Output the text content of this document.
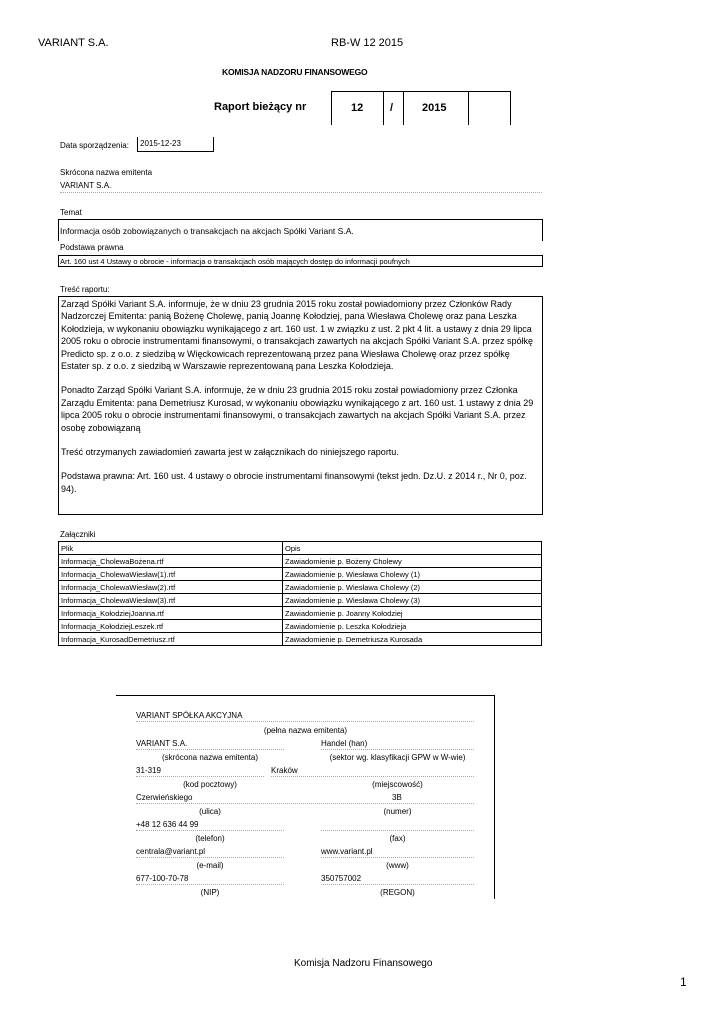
VARIANT S.A.	RB-W 12 2015
KOMISJA NADZORU FINANSOWEGO
Raport bieżący nr	12 /	2015
Data sporządzenia:	2015-12-23
Skrócona nazwa emitenta
VARIANT S.A.
Temat
Informacja osób zobowiązanych o transakcjach na akcjach Spółki Variant S.A.
Podstawa prawna
Art. 160 ust 4 Ustawy o obrocie - informacja o transakcjach osób mających dostęp do informacji poufnych
Treść raportu:

Zarząd Spółki Variant S.A. informuje, że w dniu 23 grudnia 2015 roku został powiadomiony przez Członków Rady Nadzorczej Emitenta: panią Bożenę Cholewę, panią Joannę Kołodziej, pana Wiesława Cholewę oraz pana Leszka Kołodzieja, w wykonaniu obowiązku wynikającego z art. 160 ust. 1 w związku z ust. 2 pkt 4 lit. a ustawy z dnia 29 lipca 2005 roku o obrocie instrumentami finansowymi, o transakcjach zawartych na akcjach Spółki Variant S.A. przez spółkę Predicto sp. z o.o. z siedzibą w Więckowicach reprezentowaną przez pana Wiesława Cholewę oraz przez spółkę Estater sp. z o.o. z siedzibą w Warszawie reprezentowaną pana Leszka Kołodzieja.

Ponadto Zarząd Spółki Variant S.A. informuje, że w dniu 23 grudnia 2015 roku został powiadomiony przez Członka Zarządu Emitenta: pana Demetriusz Kurosad, w wykonaniu obowiązku wynikającego z art. 160 ust. 1 ustawy z dnia 29 lipca 2005 roku o obrocie instrumentami finansowymi, o transakcjach zawartych na akcjach Spółki Variant S.A. przez osobę zobowiązaną

Treść otrzymanych zawiadomień zawarta jest w załącznikach do niniejszego raportu.

Podstawa prawna: Art. 160 ust. 4 ustawy o obrocie instrumentami finansowymi (tekst jedn. Dz.U. z 2014 r., Nr 0, poz. 94).

Załączniki
Plik	Opis
Informacja_CholewaBożena.rtf	Zawiadomienie p. Bożeny Cholewy
Informacja_CholewaWiesław(1).rtf	Zawiadomienie p. Wiesława Cholewy (1)
Informacja_CholewaWiesław(2).rtf	Zawiadomienie p. Wiesława Cholewy (2)
Informacja_CholewaWiesław(3).rtf	Zawiadomienie p. Wiesława Cholewy (3)
Informacja_KołodziejJoanna.rtf	Zawiadomienie p. Joanny Kołodziej
Informacja_KołodziejLeszek.rtf	Zawiadomienie p. Leszka Kołodzieja
Informacja_KurosadDemetriusz.rtf	Zawiadomienie p. Demetriusza Kurosada
VARIANT SPÓŁKA AKCYJNA
(pełna nazwa emitenta)
VARIANT S.A.	Handel (han)
(skrócona nazwa emitenta)	(sektor wg. klasyfikacji GPW w W-wie)
31-319	Kraków
(kod pocztowy)	(miejscowość)
Czerwieńskiego	3B
(ulica)	(numer)
+48 12 636 44 99
(telefon)	(fax)
centrala@variant.pl	www.variant.pl
(e-mail)	(www)
677-100-70-78	350757002
(NIP)	(REGON)
Komisja Nadzoru Finansowego
1
